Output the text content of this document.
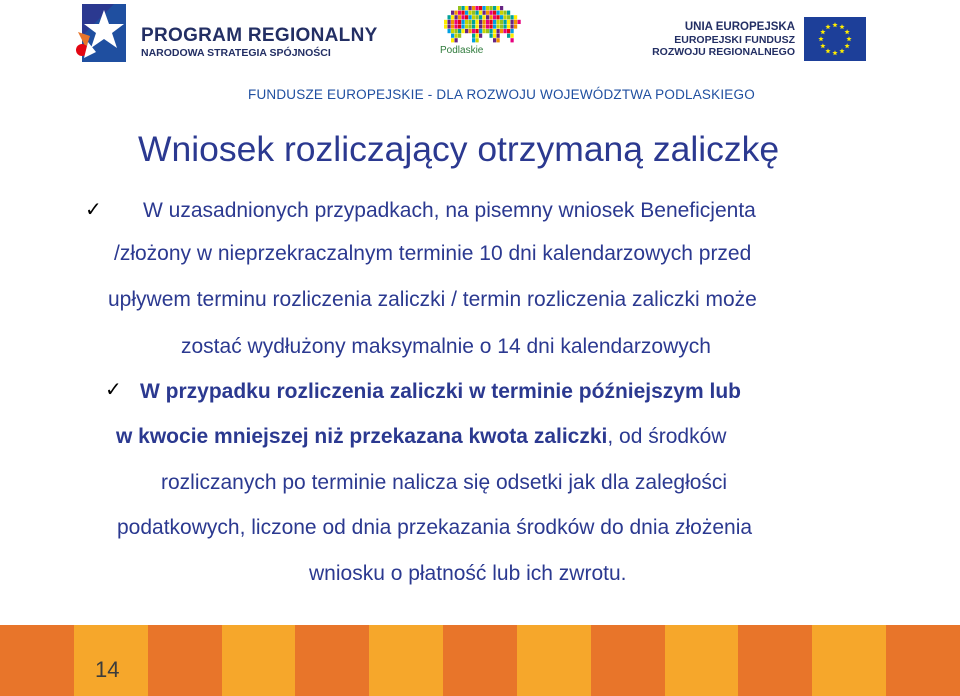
PROGRAM REGIONALNY
NARODOWA STRATEGIA SPÓJNOŚCI	Podlaskie
UNIA EUROPEJSKA
EUROPEJSKI FUNDUSZ
ROZWOJU REGIONALNEGO
FUNDUSZE EUROPEJSKIE - DLA ROZWOJU WOJEWÓDZTWA PODLASKIEGO
Wniosek rozliczający otrzymaną zaliczkę
✓ W uzasadnionych przypadkach, na pisemny wniosek Beneficjenta
/złożony w nieprzekraczalnym terminie 10 dni kalendarzowych przed
upływem terminu rozliczenia zaliczki / termin rozliczenia zaliczki może
zostać wydłużony maksymalnie o 14 dni kalendarzowych
✓ W przypadku rozliczenia zaliczki w terminie późniejszym lub
w kwocie mniejszej niż przekazana kwota zaliczki, od środków
rozliczanych po terminie nalicza się odsetki jak dla zaległości
podatkowych, liczone od dnia przekazania środków do dnia złożenia
wniosku o płatność lub ich zwrotu.
14
